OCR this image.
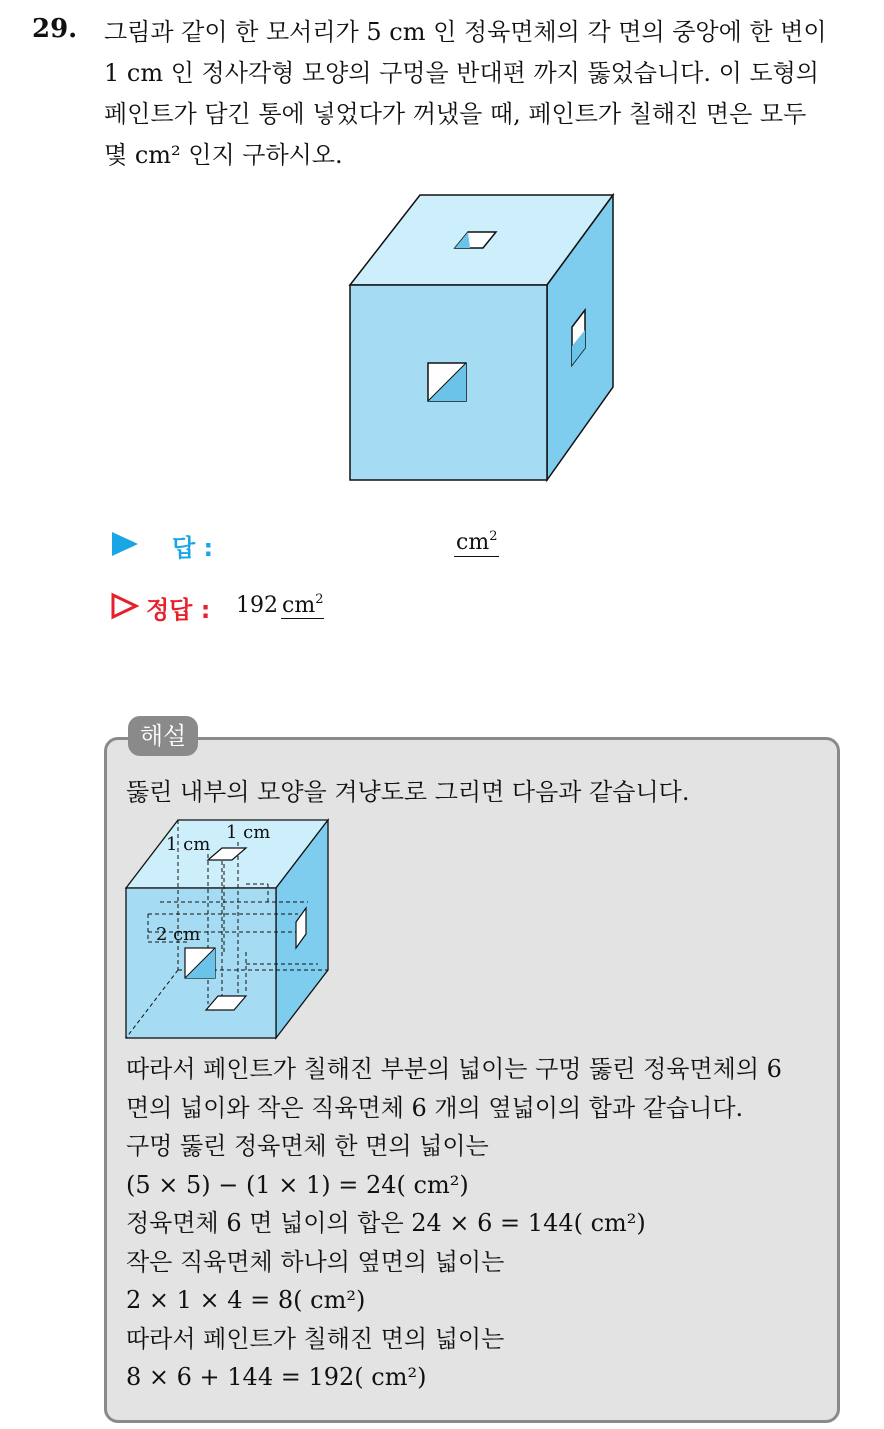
29. 그림과 같이 한 모서리가 5 cm 인 정육면체의 각 면의 중앙에 한 변이
1 cm 인 정사각형 모양의 구멍을 반대편 까지 뚫었습니다. 이 도형의
페인트가 담긴 통에 넣었다가 꺼냈을 때, 페인트가 칠해진 면은 모두
몇 cm² 인지 구하시오.
답 :	$cm^2$
정답 : 192 $cm^2$
해설
뚫린 내부의 모양을 겨냥도로 그리면 다음과 같습니다.
1 cm
1 cm
2 cm
따라서 페인트가 칠해진 부분의 넓이는 구멍 뚫린 정육면체의 6
면의 넓이와 작은 직육면체 6 개의 옆넓이의 합과 같습니다.
구멍 뚫린 정육면체 한 면의 넓이는
(5 × 5) − (1 × 1) = 24( cm²)
정육면체 6 면 넓이의 합은 24 × 6 = 144( cm²)
작은 직육면체 하나의 옆면의 넓이는
2 × 1 × 4 = 8( cm²)
따라서 페인트가 칠해진 면의 넓이는
8 × 6 + 144 = 192( cm²)
